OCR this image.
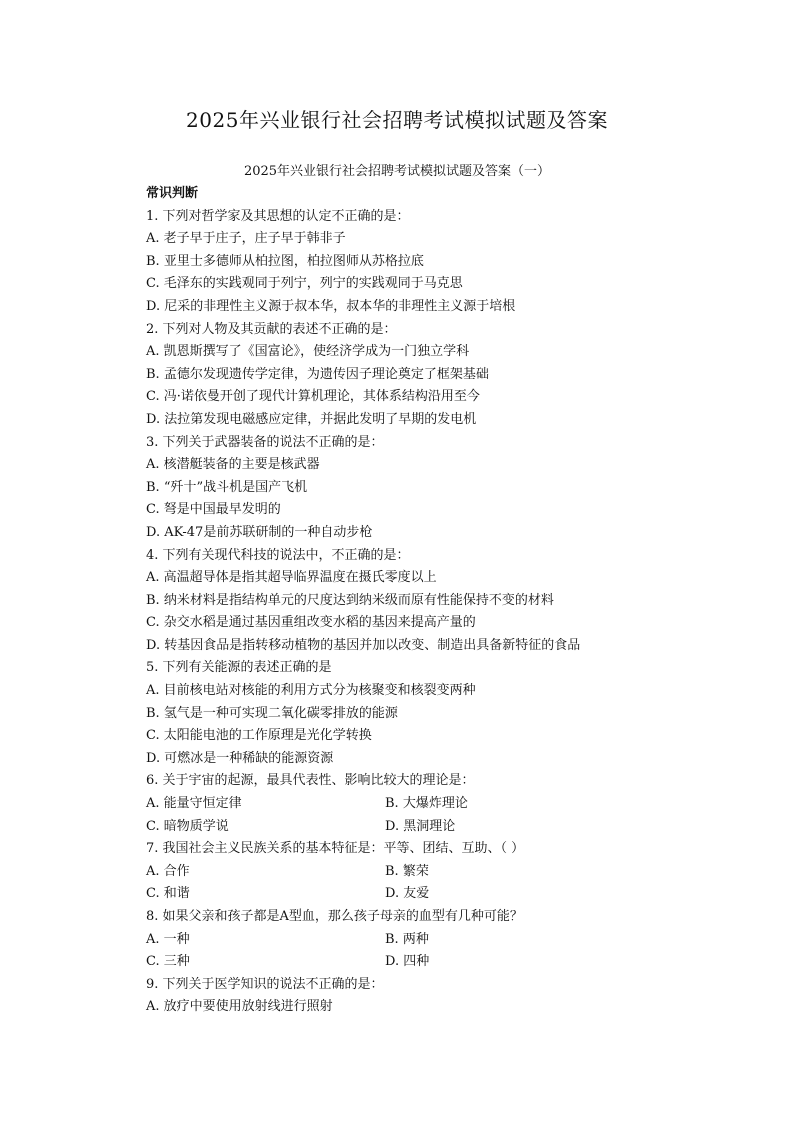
2025年兴业银行社会招聘考试模拟试题及答案
2025年兴业银行社会招聘考试模拟试题及答案（一）
常识判断
1. 下列对哲学家及其思想的认定不正确的是：
A. 老子早于庄子，庄子早于韩非子
B. 亚里士多德师从柏拉图，柏拉图师从苏格拉底
C. 毛泽东的实践观同于列宁，列宁的实践观同于马克思
D. 尼采的非理性主义源于叔本华，叔本华的非理性主义源于培根
2. 下列对人物及其贡献的表述不正确的是：
A. 凯恩斯撰写了《国富论》，使经济学成为一门独立学科
B. 孟德尔发现遗传学定律，为遗传因子理论奠定了框架基础
C. 冯·诺依曼开创了现代计算机理论，其体系结构沿用至今
D. 法拉第发现电磁感应定律，并据此发明了早期的发电机
3. 下列关于武器装备的说法不正确的是：
A. 核潜艇装备的主要是核武器
B. “歼十”战斗机是国产飞机
C. 弩是中国最早发明的
D. AK-47是前苏联研制的一种自动步枪
4. 下列有关现代科技的说法中，不正确的是：
A. 高温超导体是指其超导临界温度在摄氏零度以上
B. 纳米材料是指结构单元的尺度达到纳米级而原有性能保持不变的材料
C. 杂交水稻是通过基因重组改变水稻的基因来提高产量的
D. 转基因食品是指转移动植物的基因并加以改变、制造出具备新特征的食品
5. 下列有关能源的表述正确的是
A. 目前核电站对核能的利用方式分为核聚变和核裂变两种
B. 氢气是一种可实现二氧化碳零排放的能源
C. 太阳能电池的工作原理是光化学转换
D. 可燃冰是一种稀缺的能源资源
6. 关于宇宙的起源，最具代表性、影响比较大的理论是：
A. 能量守恒定律	B. 大爆炸理论
C. 暗物质学说	D. 黑洞理论
7. 我国社会主义民族关系的基本特征是：平等、团结、互助、（ ）
A. 合作	B. 繁荣
C. 和谐	D. 友爱
8. 如果父亲和孩子都是A型血，那么孩子母亲的血型有几种可能？
A. 一种	B. 两种
C. 三种	D. 四种
9. 下列关于医学知识的说法不正确的是：
A. 放疗中要使用放射线进行照射
